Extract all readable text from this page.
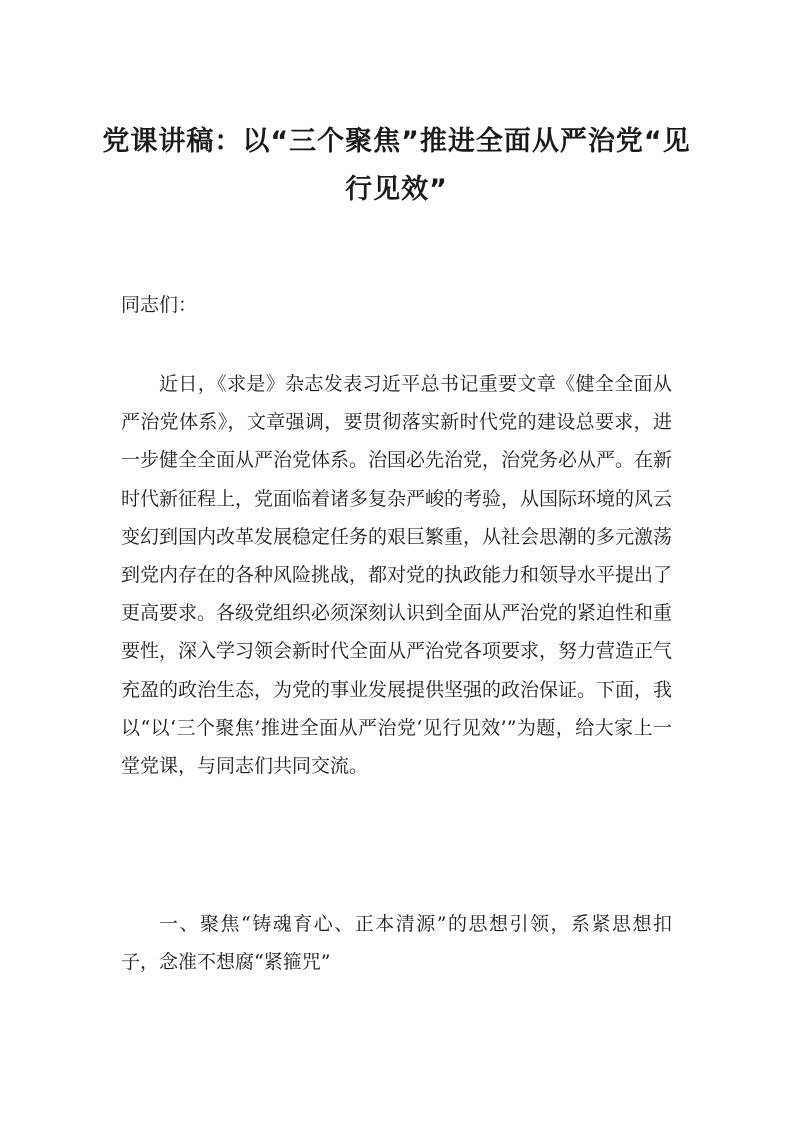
党课讲稿：以“三个聚焦”推进全面从严治党“见行见效”

同志们：

近日，《求是》杂志发表习近平总书记重要文章《健全全面从严治党体系》，文章强调，要贯彻落实新时代党的建设总要求，进一步健全全面从严治党体系。治国必先治党，治党务必从严。在新时代新征程上，党面临着诸多复杂严峻的考验，从国际环境的风云变幻到国内改革发展稳定任务的艰巨繁重，从社会思潮的多元激荡到党内存在的各种风险挑战，都对党的执政能力和领导水平提出了更高要求。各级党组织必须深刻认识到全面从严治党的紧迫性和重要性，深入学习领会新时代全面从严治党各项要求，努力营造正气充盈的政治生态，为党的事业发展提供坚强的政治保证。下面，我以“以‘三个聚焦’推进全面从严治党‘见行见效’”为题，给大家上一堂党课，与同志们共同交流。

一、聚焦“铸魂育心、正本清源”的思想引领，系紧思想扣子，念准不想腐“紧箍咒”
